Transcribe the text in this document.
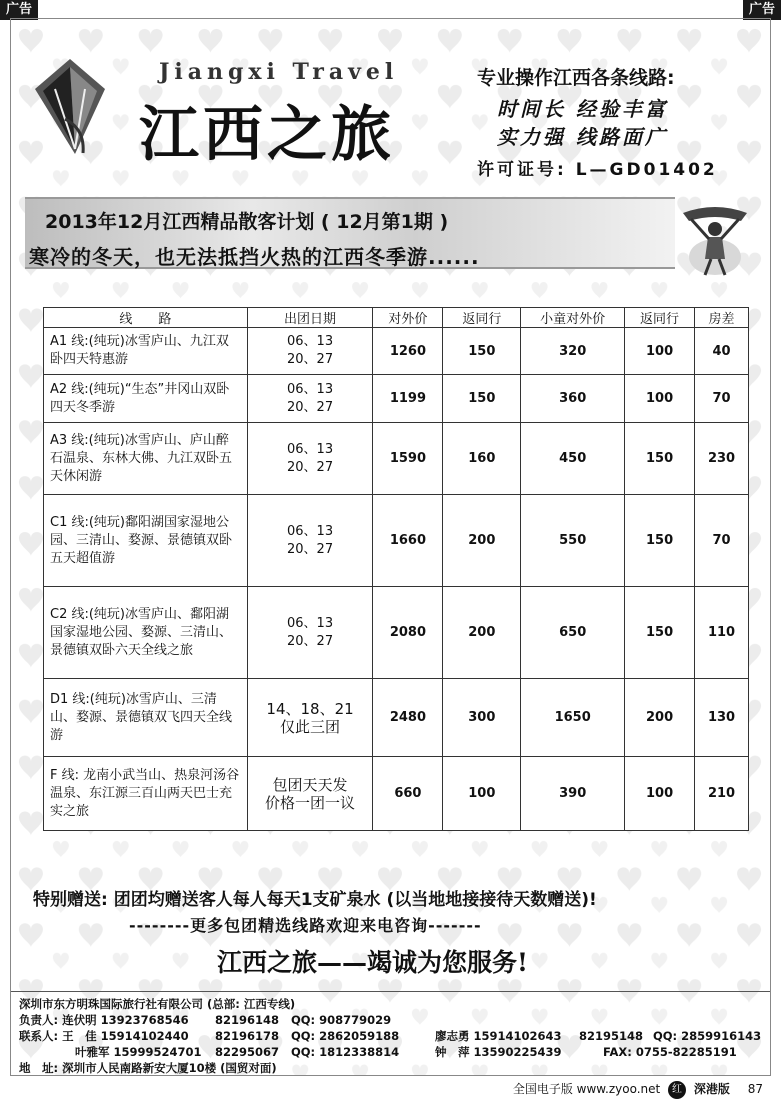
广告	广告
Jiangxi Travel
江西之旅
专业操作江西各条线路:
时间长 经验丰富
实力强 线路面广
许可证号: L—GD01402
2013年12月江西精品散客计划 ( 12月第1期 )
寒冷的冬天，也无法抵挡火热的江西冬季游......
线　　路	出团日期	对外价	返同行	小童对外价	返同行	房差
A1 线:(纯玩)冰雪庐山、九江双卧四天特惠游	06、13
20、27	1260	150	320	100	40
A2 线:(纯玩)“生态”井冈山双卧四天冬季游	06、13
20、27	1199	150	360	100	70
A3 线:(纯玩)冰雪庐山、庐山醉石温泉、东林大佛、九江双卧五天休闲游	06、13
20、27	1590	160	450	150	230
C1 线:(纯玩)鄱阳湖国家湿地公园、三清山、婺源、景德镇双卧五天超值游	06、13
20、27	1660	200	550	150	70
C2 线:(纯玩)冰雪庐山、鄱阳湖国家湿地公园、婺源、三清山、景德镇双卧六天全线之旅	06、13
20、27	2080	200	650	150	110
D1 线:(纯玩)冰雪庐山、三清山、婺源、景德镇双飞四天全线游	14、18、21
仅此三团	2480	300	1650	200	130
F 线: 龙南小武当山、热泉河汤谷温泉、东江源三百山两天巴士充实之旅	包团天天发
价格一团一议	660	100	390	100	210
特别赠送: 团团均赠送客人每人每天1支矿泉水 (以当地地接接待天数赠送)!
--------更多包团精选线路欢迎来电咨询-------
江西之旅——竭诚为您服务!
深圳市东方明珠国际旅行社有限公司 (总部: 江西专线)
负责人: 连伏明 13923768546 82196148 QQ: 908779029
联系人: 王　佳 15914102440 82196178 QQ: 2862059188	廖志勇 15914102643 82195148 QQ: 2859916143
叶雅军 15999524701 82295067 QQ: 1812338814	钟　萍 13590225439	FAX: 0755-82285191
地　址: 深圳市人民南路新安大厦10楼 (国贸对面)
全国电子版 www.zyoo.net 红 深港版 87
